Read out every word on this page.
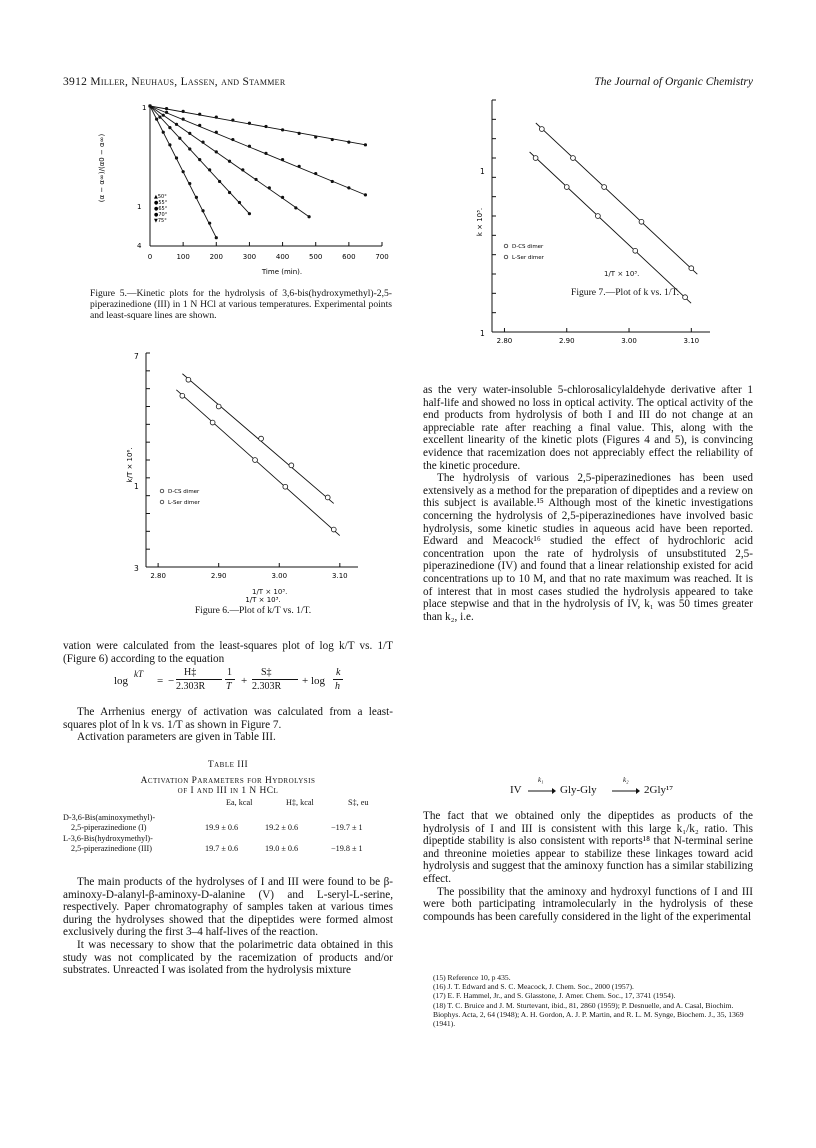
3912 Miller, Neuhaus, Lassen, and Stammer	The Journal of Organic Chemistry
0	100	200	300	400	500	600	700
▲50°
●55°
●65°
●70°
▼75°
(α − α∞)/(α0 − α∞)
1
1
4
Time (min).
Figure 5.—Kinetic plots for the hydrolysis of 3,6-bis(hydroxymethyl)-2,5-piperazinedione (III) in 1 N HCl at various temperatures. Experimental points and least-square lines are shown.
2.80	2.90	3.00	3.10
D-CS dimer
L-Ser dimer
k/T × 10⁶.
7
1
3
1/T × 10³.
1/T × 10³.
Figure 6.—Plot of k/T vs. 1/T.
2.80	2.90	3.00	3.10
D-CS dimer
L-Ser dimer
k × 10³.
1
1
1/T × 10³.
Figure 7.—Plot of k vs. 1/T.

vation were calculated from the least-squares plot of log k/T vs. 1/T (Figure 6) according to the equation

log
kT
= −
H‡
2.303R
1
T +
S‡
2.303R + log
k
h

The Arrhenius energy of activation was calculated from a least-squares plot of ln k vs. 1/T as shown in Figure 7.

Activation parameters are given in Table III.

Table III
Activation Parameters for Hydrolysis
of I and III in 1 N HCl
Ea, kcal	H‡, kcal	S‡, eu
D-3,6-Bis(aminoxymethyl)-
2,5-piperazinedione (I)	19.9 ± 0.6	19.2 ± 0.6	−19.7 ± 1
L-3,6-Bis(hydroxymethyl)-
2,5-piperazinedione (III)	19.7 ± 0.6	19.0 ± 0.6	−19.8 ± 1

The main products of the hydrolyses of I and III were found to be β-aminoxy-D-alanyl-β-aminoxy-D-alanine (V) and L-seryl-L-serine, respectively. Paper chromatography of samples taken at various times during the hydrolyses showed that the dipeptides were formed almost exclusively during the first 3–4 half-lives of the reaction.

It was necessary to show that the polarimetric data obtained in this study was not complicated by the racemization of products and/or substrates. Unreacted I was isolated from the hydrolysis mixture

as the very water-insoluble 5-chlorosalicylaldehyde derivative after 1 half-life and showed no loss in optical activity. The optical activity of the end products from hydrolysis of both I and III do not change at an appreciable rate after reaching a final value. This, along with the excellent linearity of the kinetic plots (Figures 4 and 5), is convincing evidence that racemization does not appreciably effect the reliability of the kinetic procedure.

The hydrolysis of various 2,5-piperazinediones has been used extensively as a method for the preparation of dipeptides and a review on this subject is available.¹⁵ Although most of the kinetic investigations concerning the hydrolysis of 2,5-piperazinediones have involved basic hydrolysis, some kinetic studies in aqueous acid have been reported. Edward and Meacock¹⁶ studied the effect of hydrochloric acid concentration upon the rate of hydrolysis of unsubstituted 2,5-piperazinedione (IV) and found that a linear relationship existed for acid concentrations up to 10 M, and that no rate maximum was reached. It is of interest that in most cases studied the hydrolysis appeared to take place stepwise and that in the hydrolysis of IV, k₁ was 50 times greater than k₂, i.e.

IV
k₁
Gly-Gly
k₂
2Gly¹⁷

The fact that we obtained only the dipeptides as products of the hydrolysis of I and III is consistent with this large k₁/k₂ ratio. This dipeptide stability is also consistent with reports¹⁸ that N-terminal serine and threonine moieties appear to stabilize these linkages toward acid hydrolysis and suggest that the aminoxy function has a similar stabilizing effect.

The possibility that the aminoxy and hydroxyl functions of I and III were both participating intramolecularly in the hydrolysis of these compounds has been carefully considered in the light of the experimental

(15) Reference 10, p 435.
(16) J. T. Edward and S. C. Meacock, J. Chem. Soc., 2000 (1957).
(17) E. F. Hammel, Jr., and S. Glasstone, J. Amer. Chem. Soc., 17, 3741 (1954).
(18) T. C. Bruice and J. M. Sturtevant, ibid., 81, 2860 (1959); P. Desnuelle, and A. Casal, Biochim. Biophys. Acta, 2, 64 (1948); A. H. Gordon, A. J. P. Martin, and R. L. M. Synge, Biochem. J., 35, 1369 (1941).
